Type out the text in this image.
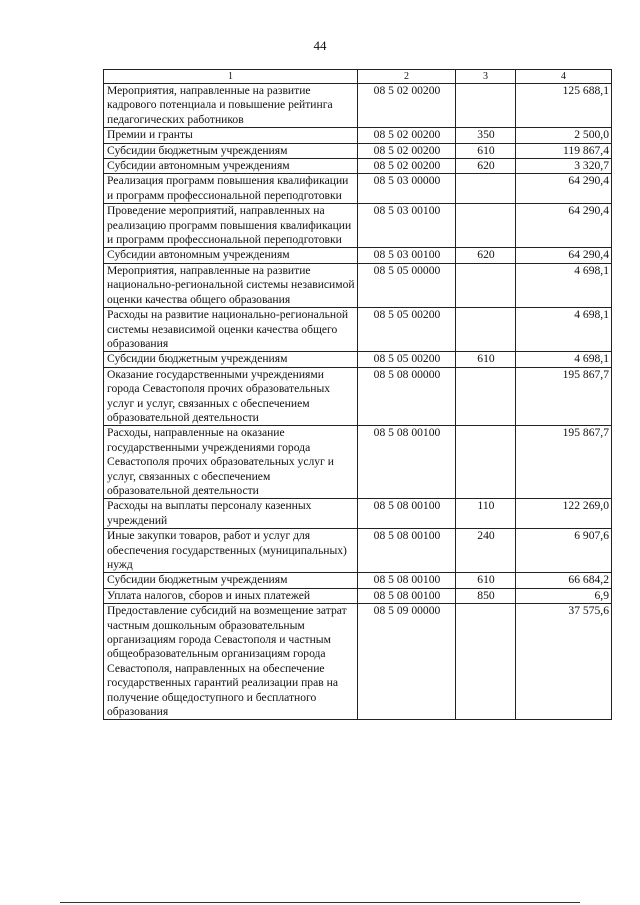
44
1	2	3	4
Мероприятия, направленные на развитие кадрового потенциала и повышение рейтинга педагогических работников	08 5 02 00200		125 688,1
Премии и гранты	08 5 02 00200	350	2 500,0
Субсидии бюджетным учреждениям	08 5 02 00200	610	119 867,4
Субсидии автономным учреждениям	08 5 02 00200	620	3 320,7
Реализация программ повышения квалификации и программ профессиональной переподготовки	08 5 03 00000		64 290,4
Проведение мероприятий, направленных на реализацию программ повышения квалификации и программ профессиональной переподготовки	08 5 03 00100		64 290,4
Субсидии автономным учреждениям	08 5 03 00100	620	64 290,4
Мероприятия, направленные на развитие национально-региональной системы независимой оценки качества общего образования	08 5 05 00000		4 698,1
Расходы на развитие национально-региональной системы независимой оценки качества общего образования	08 5 05 00200		4 698,1
Субсидии бюджетным учреждениям	08 5 05 00200	610	4 698,1
Оказание государственными учреждениями города Севастополя прочих образовательных услуг и услуг, связанных с обеспечением образовательной деятельности	08 5 08 00000		195 867,7
Расходы, направленные на оказание государственными учреждениями города Севастополя прочих образовательных услуг и услуг, связанных с обеспечением образовательной деятельности	08 5 08 00100		195 867,7
Расходы на выплаты персоналу казенных учреждений	08 5 08 00100	110	122 269,0
Иные закупки товаров, работ и услуг для обеспечения государственных (муниципальных) нужд	08 5 08 00100	240	6 907,6
Субсидии бюджетным учреждениям	08 5 08 00100	610	66 684,2
Уплата налогов, сборов и иных платежей	08 5 08 00100	850	6,9
Предоставление субсидий на возмещение затрат частным дошкольным образовательным организациям города Севастополя и частным общеобразовательным организациям города Севастополя, направленных на обеспечение государственных гарантий реализации прав на получение общедоступного и бесплатного образования	08 5 09 00000		37 575,6
